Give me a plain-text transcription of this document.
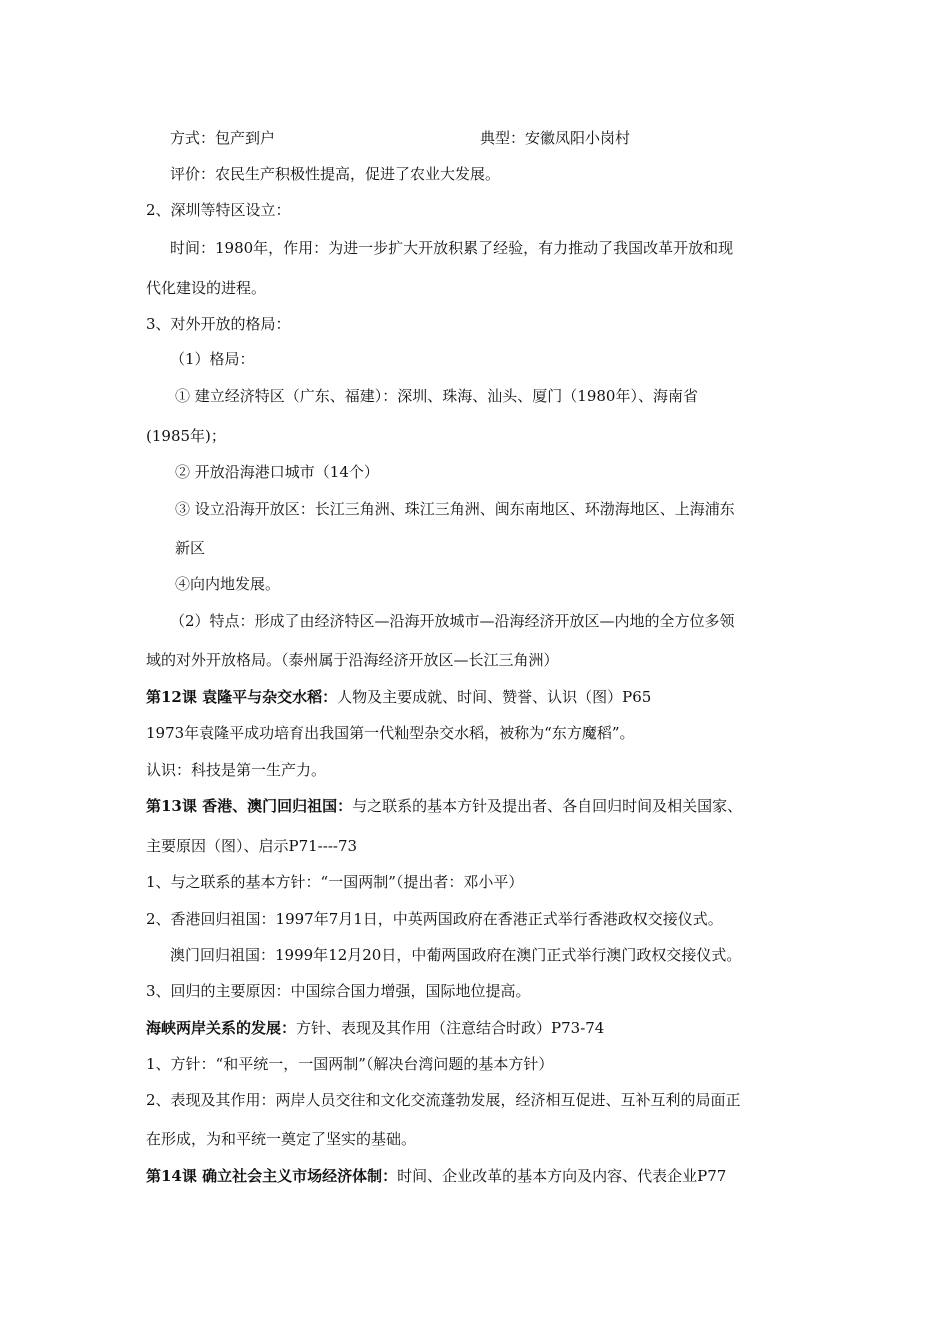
方式：包产到户	典型：安徽凤阳小岗村
评价：农民生产积极性提高，促进了农业大发展。
2、深圳等特区设立：
时间：1980年，作用：为进一步扩大开放积累了经验，有力推动了我国改革开放和现
代化建设的进程。
3、对外开放的格局：
（1）格局：
① 建立经济特区（广东、福建）：深圳、珠海、汕头、厦门（1980年）、海南省
(1985年)；
② 开放沿海港口城市（14个）
③ 设立沿海开放区：长江三角洲、珠江三角洲、闽东南地区、环渤海地区、上海浦东
新区
④向内地发展。
（2）特点：形成了由经济特区—沿海开放城市—沿海经济开放区—内地的全方位多领
域的对外开放格局。（泰州属于沿海经济开放区—长江三角洲）
第12课 袁隆平与杂交水稻：人物及主要成就、时间、赞誉、认识（图）P65
1973年袁隆平成功培育出我国第一代籼型杂交水稻，被称为“东方魔稻”。
认识：科技是第一生产力。
第13课 香港、澳门回归祖国：与之联系的基本方针及提出者、各自回归时间及相关国家、
主要原因（图）、启示P71----73
1、与之联系的基本方针：“一国两制”（提出者：邓小平）
2、香港回归祖国：1997年7月1日，中英两国政府在香港正式举行香港政权交接仪式。
澳门回归祖国：1999年12月20日，中葡两国政府在澳门正式举行澳门政权交接仪式。
3、回归的主要原因：中国综合国力增强，国际地位提高。
海峡两岸关系的发展：方针、表现及其作用（注意结合时政）P73-74
1、方针：“和平统一，一国两制”（解决台湾问题的基本方针）
2、表现及其作用：两岸人员交往和文化交流蓬勃发展，经济相互促进、互补互利的局面正
在形成，为和平统一奠定了坚实的基础。
第14课 确立社会主义市场经济体制：时间、企业改革的基本方向及内容、代表企业P77
